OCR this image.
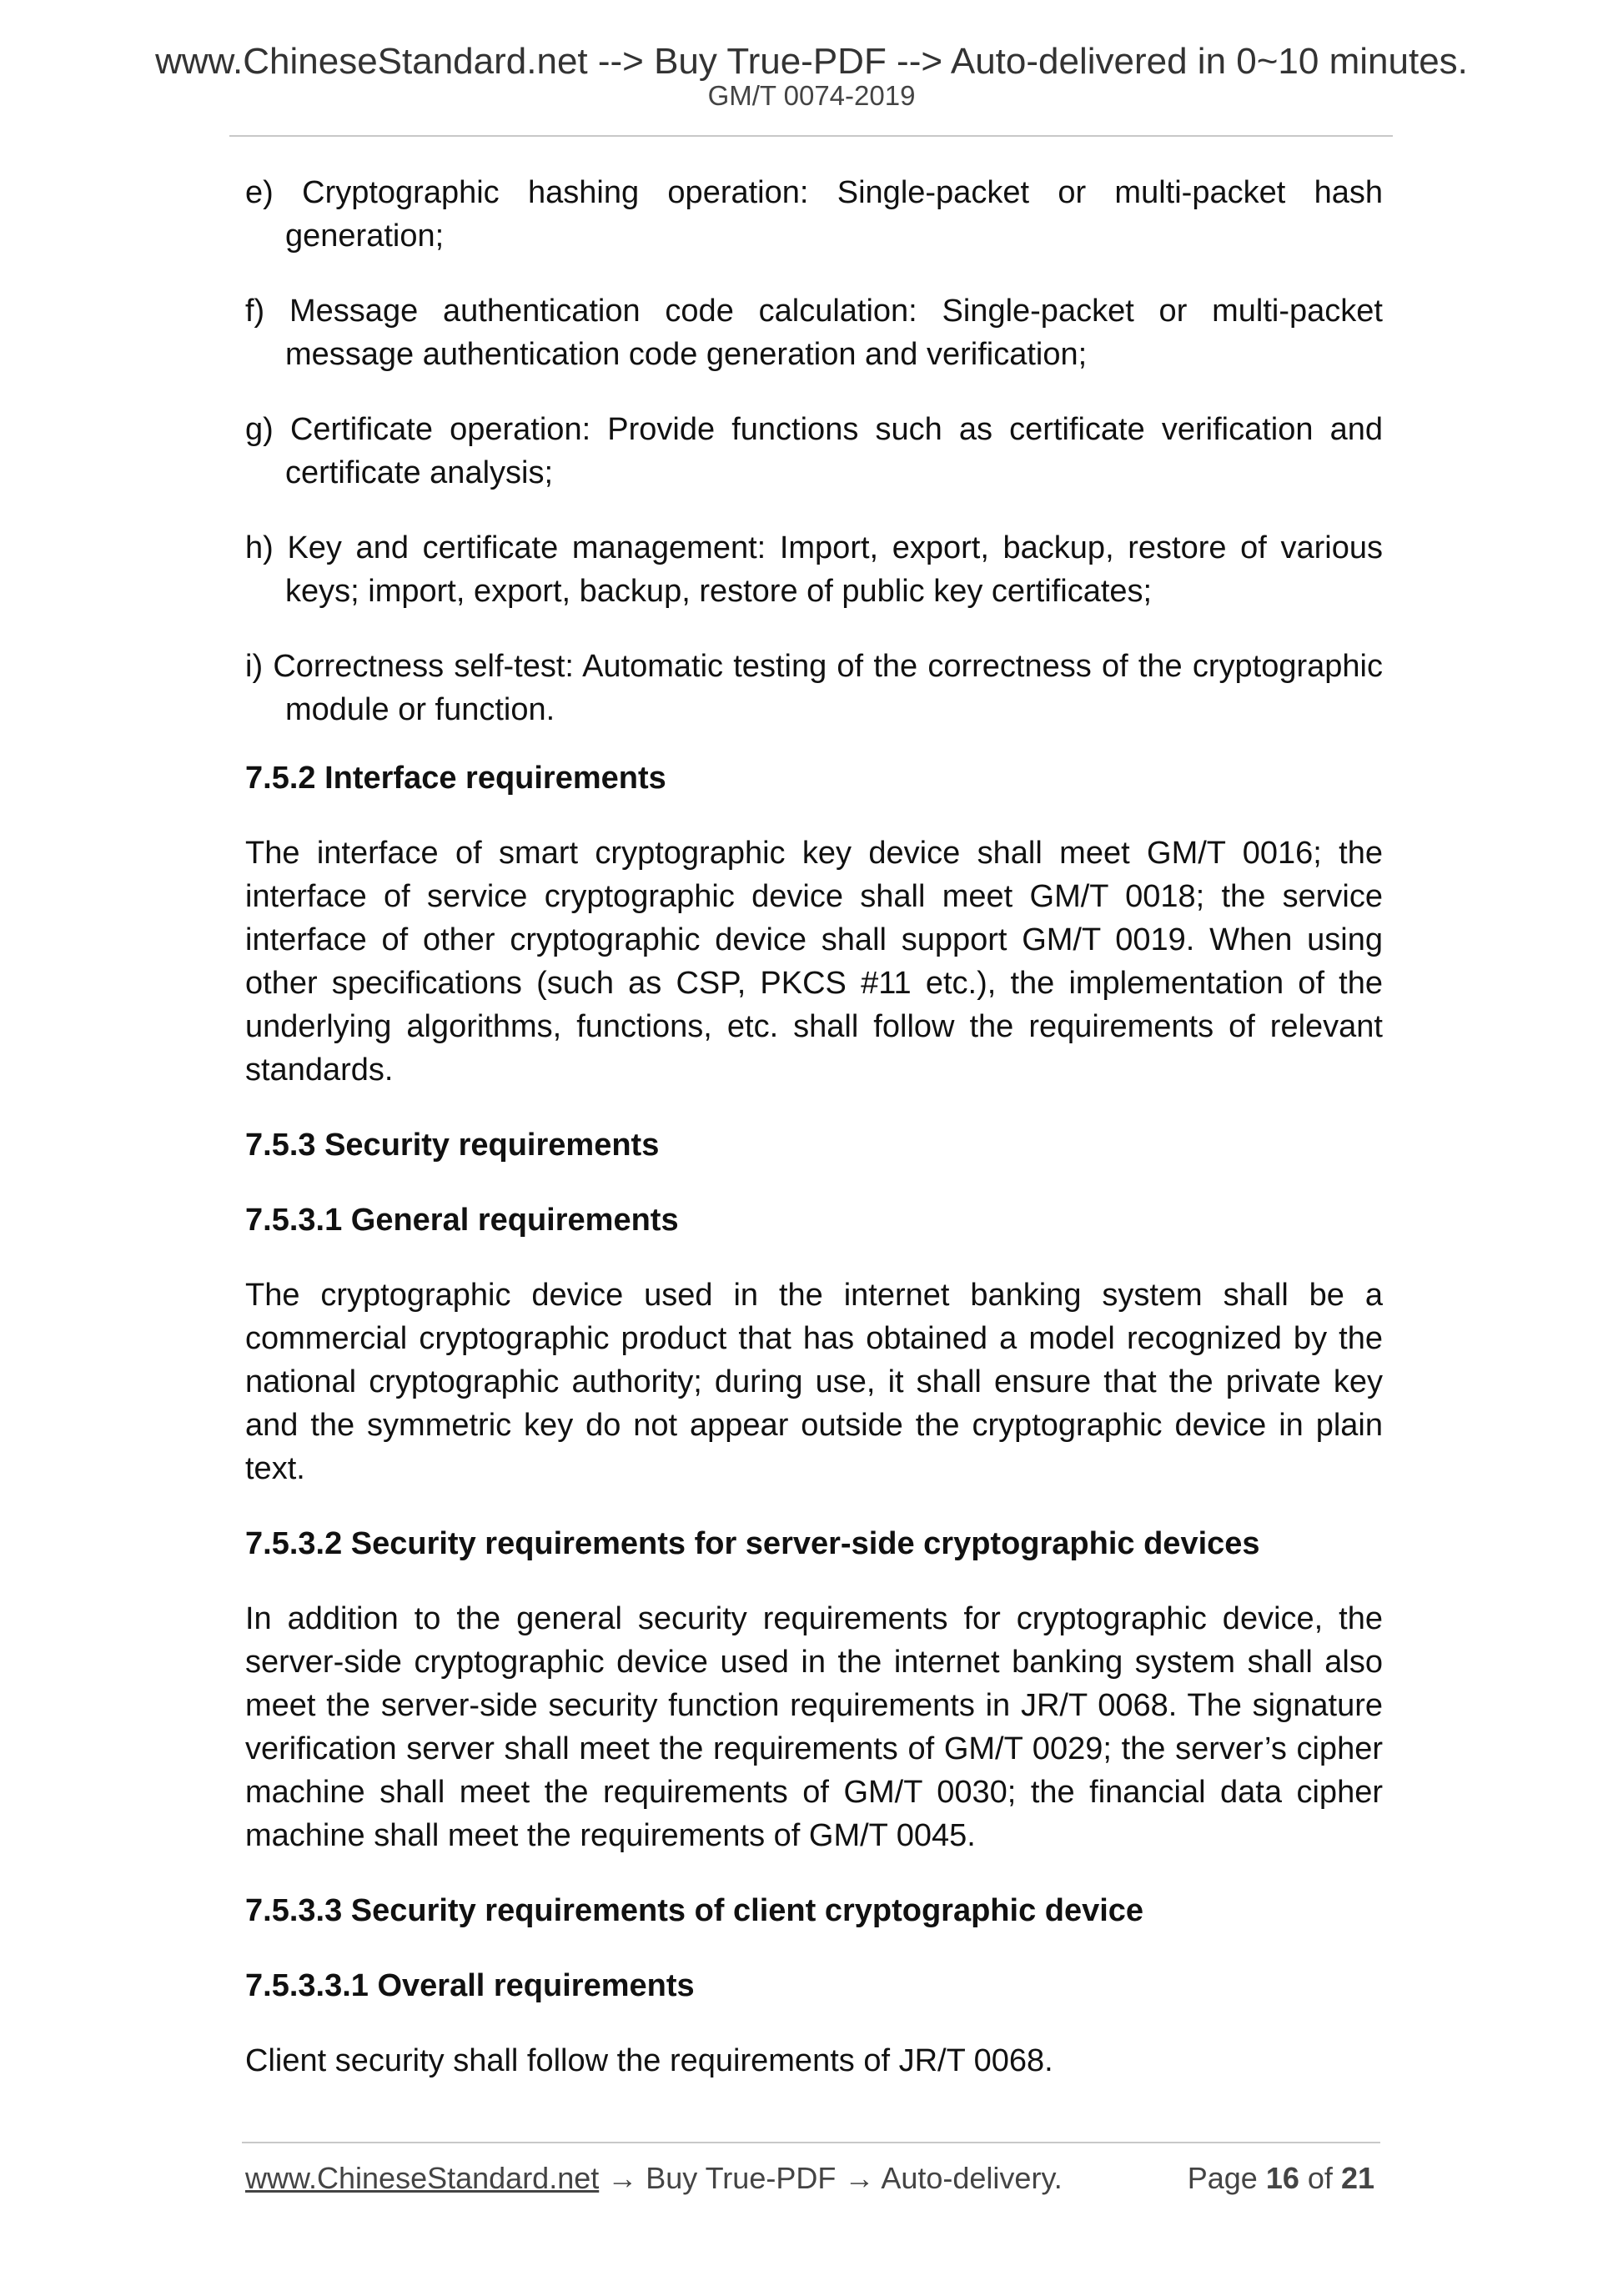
www.ChineseStandard.net --> Buy True-PDF --> Auto-delivered in 0~10 minutes.
GM/T 0074-2019

e) Cryptographic hashing operation: Single-packet or multi-packet hash generation;

f) Message authentication code calculation: Single-packet or multi-packet message authentication code generation and verification;

g) Certificate operation: Provide functions such as certificate verification and certificate analysis;

h) Key and certificate management: Import, export, backup, restore of various keys; import, export, backup, restore of public key certificates;

i) Correctness self-test: Automatic testing of the correctness of the cryptographic module or function.

7.5.2 Interface requirements
The interface of smart cryptographic key device shall meet GM/T 0016; the interface of service cryptographic device shall meet GM/T 0018; the service interface of other cryptographic device shall support GM/T 0019. When using other specifications (such as CSP, PKCS #11 etc.), the implementation of the underlying algorithms, functions, etc. shall follow the requirements of relevant standards.
7.5.3 Security requirements
7.5.3.1 General requirements
The cryptographic device used in the internet banking system shall be a commercial cryptographic product that has obtained a model recognized by the national cryptographic authority; during use, it shall ensure that the private key and the symmetric key do not appear outside the cryptographic device in plain text.
7.5.3.2 Security requirements for server-side cryptographic devices
In addition to the general security requirements for cryptographic device, the server-side cryptographic device used in the internet banking system shall also meet the server-side security function requirements in JR/T 0068. The signature verification server shall meet the requirements of GM/T 0029; the server’s cipher machine shall meet the requirements of GM/T 0030; the financial data cipher machine shall meet the requirements of GM/T 0045.
7.5.3.3 Security requirements of client cryptographic device
7.5.3.3.1 Overall requirements
Client security shall follow the requirements of JR/T 0068.
www.ChineseStandard.net → Buy True-PDF → Auto-delivery.	Page 16 of 21
